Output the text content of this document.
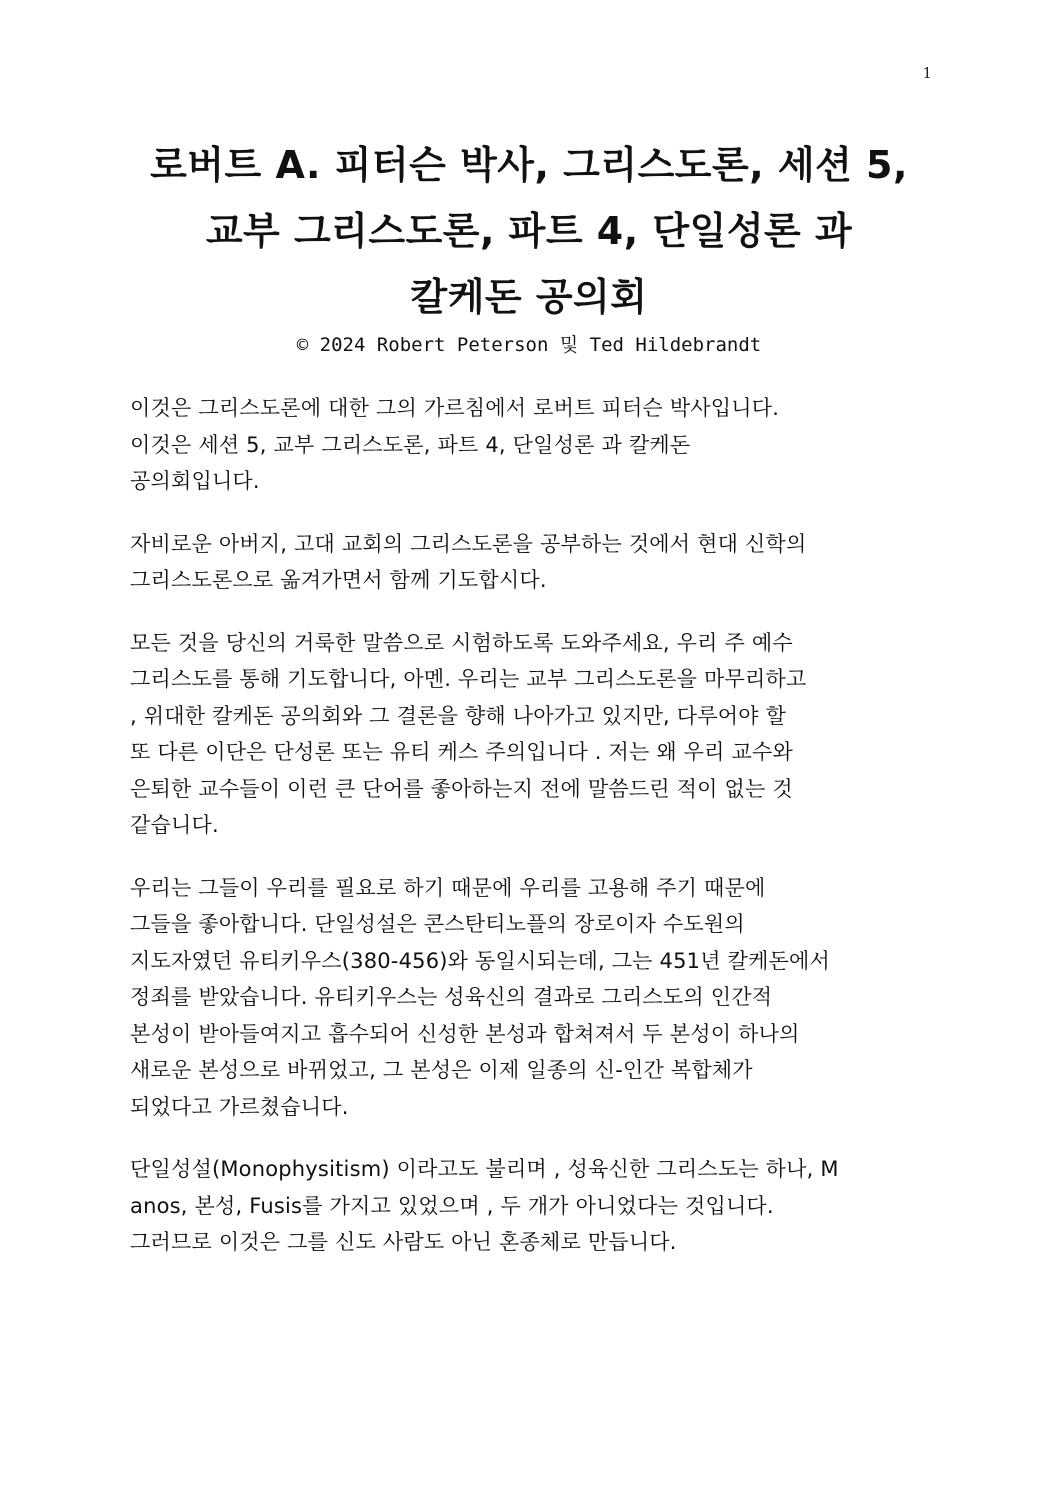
1
로버트 A. 피터슨 박사, 그리스도론, 세션 5,
교부 그리스도론, 파트 4, 단일성론 과
칼케돈 공의회
© 2024 Robert Peterson 및 Ted Hildebrandt
이것은 그리스도론에 대한 그의 가르침에서 로버트 피터슨 박사입니다.
이것은 세션 5, 교부 그리스도론, 파트 4, 단일성론 과 칼케돈
공의회입니다.
자비로운 아버지, 고대 교회의 그리스도론을 공부하는 것에서 현대 신학의
그리스도론으로 옮겨가면서 함께 기도합시다.
모든 것을 당신의 거룩한 말씀으로 시험하도록 도와주세요, 우리 주 예수
그리스도를 통해 기도합니다, 아멘. 우리는 교부 그리스도론을 마무리하고
, 위대한 칼케돈 공의회와 그 결론을 향해 나아가고 있지만, 다루어야 할
또 다른 이단은 단성론 또는 유티 케스 주의입니다 . 저는 왜 우리 교수와
은퇴한 교수들이 이런 큰 단어를 좋아하는지 전에 말씀드린 적이 없는 것
같습니다.
우리는 그들이 우리를 필요로 하기 때문에 우리를 고용해 주기 때문에
그들을 좋아합니다. 단일성설은 콘스탄티노플의 장로이자 수도원의
지도자였던 유티키우스(380-456)와 동일시되는데, 그는 451년 칼케돈에서
정죄를 받았습니다. 유티키우스는 성육신의 결과로 그리스도의 인간적
본성이 받아들여지고 흡수되어 신성한 본성과 합쳐져서 두 본성이 하나의
새로운 본성으로 바뀌었고, 그 본성은 이제 일종의 신-인간 복합체가
되었다고 가르쳤습니다.
단일성설(Monophysitism) 이라고도 불리며 , 성육신한 그리스도는 하나, M
anos, 본성, Fusis를 가지고 있었으며 , 두 개가 아니었다는 것입니다.
그러므로 이것은 그를 신도 사람도 아닌 혼종체로 만듭니다.
